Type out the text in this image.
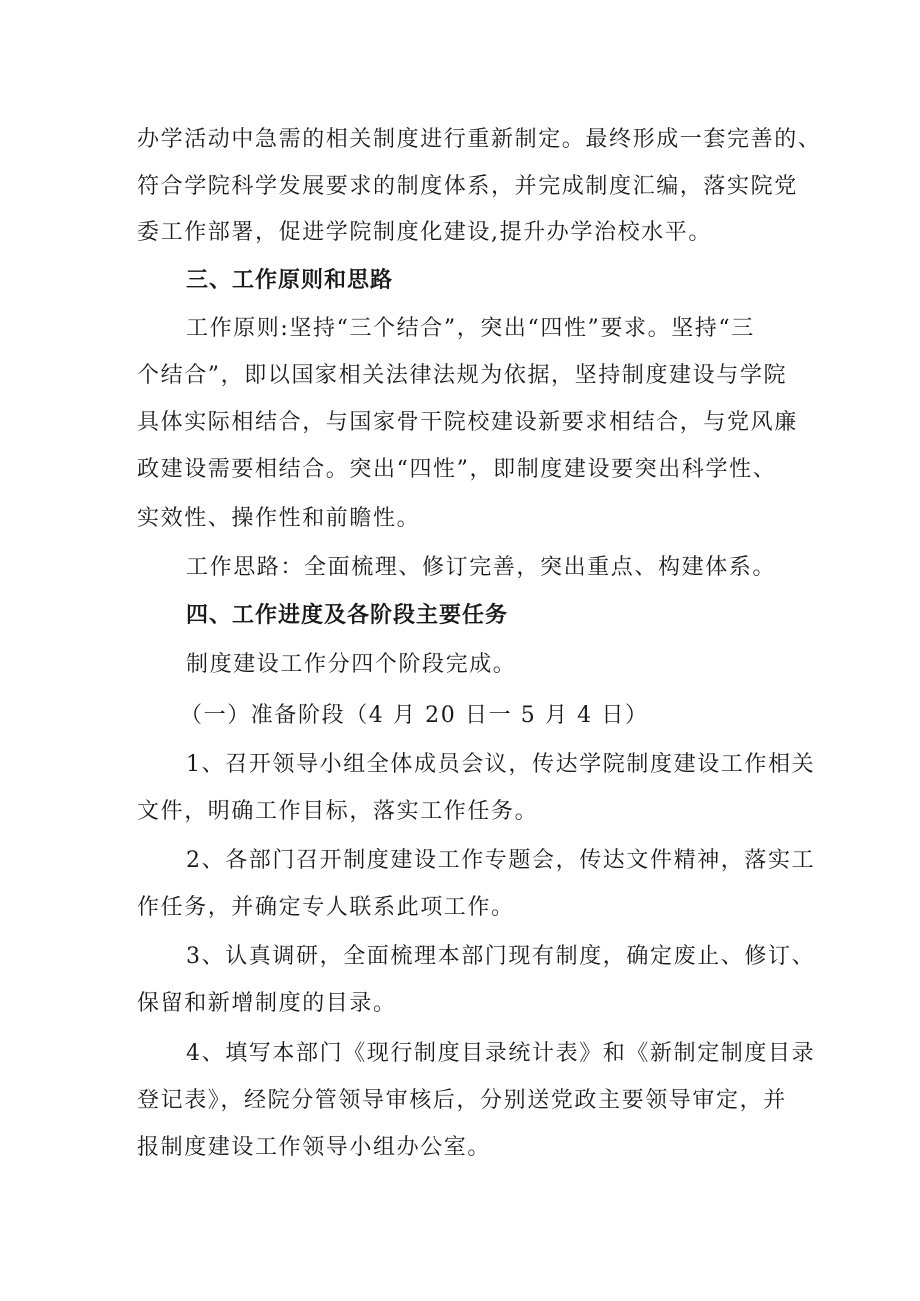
办学活动中急需的相关制度进行重新制定。最终形成一套完善的、
符合学院科学发展要求的制度体系，并完成制度汇编，落实院党
委工作部署，促进学院制度化建设,提升办学治校水平。
三、工作原则和思路
工作原则:坚持“三个结合”，突出“四性”要求。坚持“三
个结合”，即以国家相关法律法规为依据，坚持制度建设与学院
具体实际相结合，与国家骨干院校建设新要求相结合，与党风廉
政建设需要相结合。突出“四性”，即制度建设要突出科学性、
实效性、操作性和前瞻性。
工作思路：全面梳理、修订完善，突出重点、构建体系。
四、工作进度及各阶段主要任务
制度建设工作分四个阶段完成。
（一）准备阶段（4 月 20 日一 5 月 4 日）
1、召开领导小组全体成员会议，传达学院制度建设工作相关
文件，明确工作目标，落实工作任务。
2、各部门召开制度建设工作专题会，传达文件精神，落实工
作任务，并确定专人联系此项工作。
3、认真调研，全面梳理本部门现有制度，确定废止、修订、
保留和新增制度的目录。
4、填写本部门《现行制度目录统计表》和《新制定制度目录
登记表》，经院分管领导审核后，分别送党政主要领导审定，并
报制度建设工作领导小组办公室。
